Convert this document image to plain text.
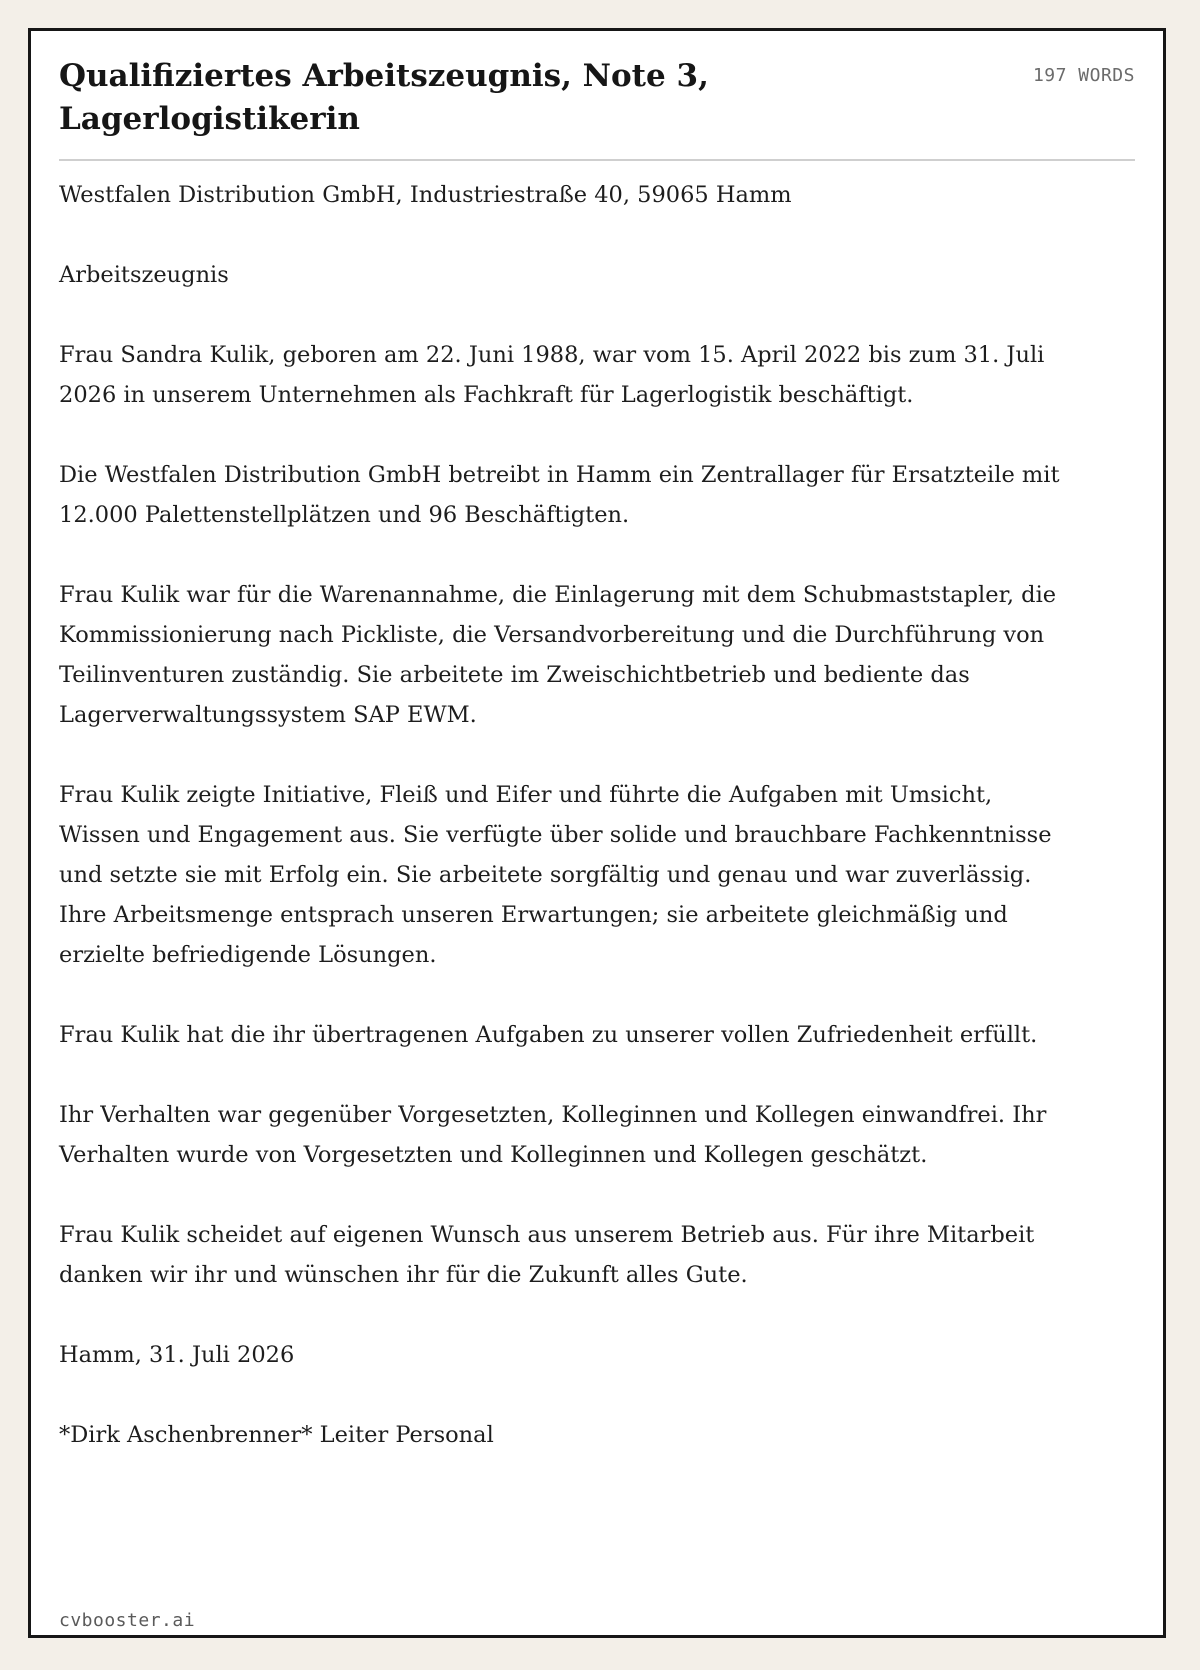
Qualifiziertes Arbeitszeugnis, Note 3, Lagerlogistikerin
197 WORDS

Westfalen Distribution GmbH, Industriestraße 40, 59065 Hamm

Arbeitszeugnis

Frau Sandra Kulik, geboren am 22. Juni 1988, war vom 15. April 2022 bis zum 31. Juli 2026 in unserem Unternehmen als Fachkraft für Lagerlogistik beschäftigt.

Die Westfalen Distribution GmbH betreibt in Hamm ein Zentrallager für Ersatzteile mit 12.000 Palettenstellplätzen und 96 Beschäftigten.

Frau Kulik war für die Warenannahme, die Einlagerung mit dem Schubmaststapler, die Kommissionierung nach Pickliste, die Versandvorbereitung und die Durchführung von Teilinventuren zuständig. Sie arbeitete im Zweischichtbetrieb und bediente das Lagerverwaltungssystem SAP EWM.

Frau Kulik zeigte Initiative, Fleiß und Eifer und führte die Aufgaben mit Umsicht, Wissen und Engagement aus. Sie verfügte über solide und brauchbare Fachkenntnisse und setzte sie mit Erfolg ein. Sie arbeitete sorgfältig und genau und war zuverlässig. Ihre Arbeitsmenge entsprach unseren Erwartungen; sie arbeitete gleichmäßig und erzielte befriedigende Lösungen.

Frau Kulik hat die ihr übertragenen Aufgaben zu unserer vollen Zufriedenheit erfüllt.

Ihr Verhalten war gegenüber Vorgesetzten, Kolleginnen und Kollegen einwandfrei. Ihr Verhalten wurde von Vorgesetzten und Kolleginnen und Kollegen geschätzt.

Frau Kulik scheidet auf eigenen Wunsch aus unserem Betrieb aus. Für ihre Mitarbeit danken wir ihr und wünschen ihr für die Zukunft alles Gute.

Hamm, 31. Juli 2026

*Dirk Aschenbrenner* Leiter Personal

cvbooster.ai
